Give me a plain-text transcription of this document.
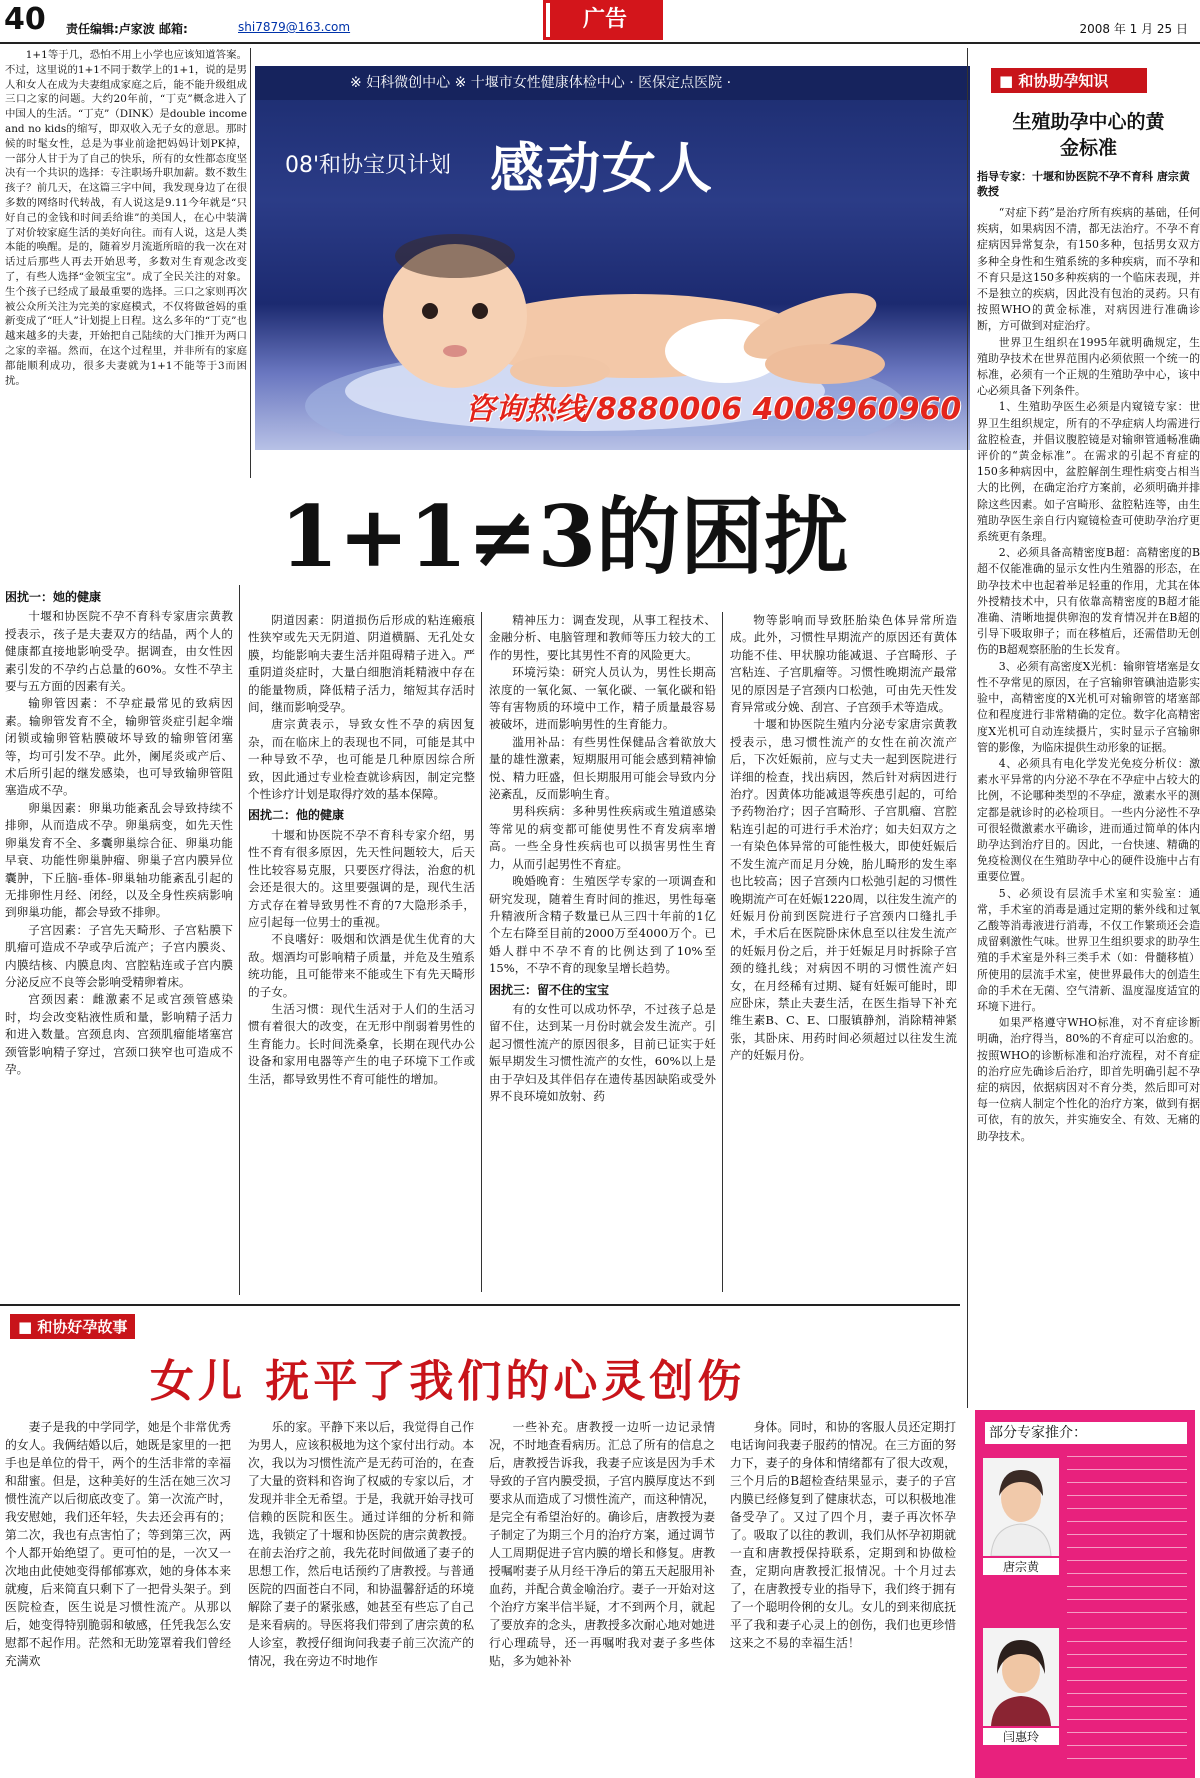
40 责任编辑:卢家波 邮箱:	shi7879@163.com	广告	2008 年 1 月 25 日

1+1等于几，恐怕不用上小学也应该知道答案。不过，这里说的1+1不同于数学上的1+1，说的是男人和女人在成为夫妻组成家庭之后，能不能升级组成三口之家的问题。大约20年前，“丁克”概念进入了中国人的生活。“丁克”（DINK）是double income and no kids的缩写，即双收入无子女的意思。那时候的时髦女性，总是为事业前途把妈妈计划PK掉，一部分人甘于为了自己的快乐，所有的女性都态度坚决有一个共识的选择：专注职场升职加薪。数不数生孩子？前几天，在这篇三字中间，我发现身边了在很多数的网络时代转战，有人说这是9.11今年就是“只好自己的金钱和时间丢给谁”的美国人，在心中装满了对价较家庭生活的美好向往。而有人说，这是人类本能的唤醒。是的，随着岁月流逝所暗的我一次在对话过后那些人再去开始思考，多数对生育观念改变了，有些人选择“金领宝宝”。成了全民关注的对象。生个孩子已经成了最最重要的选择。三口之家则再次被公众所关注为完美的家庭模式，不仅将做爸妈的重新变成了“旺人”计划提上日程。这么多年的“丁克”也越来越多的夫妻，开始把自己陆续的大门推开为两口之家的幸福。然而，在这个过程里，并非所有的家庭都能顺利成功，很多夫妻就为1+1不能等于3而困扰。

※ 妇科微创中心 ※ 十堰市女性健康体检中心 · 医保定点医院 ·
08'和协宝贝计划 感动女人
咨询热线/8880006 4008960960
1+1≠3的困扰
困扰一：她的健康

十堰和协医院不孕不育科专家唐宗黄教授表示，孩子是夫妻双方的结晶，两个人的健康都直接地影响受孕。据调查，由女性因素引发的不孕约占总量的60%。女性不孕主要与五方面的因素有关。

输卵管因素：不孕症最常见的致病因素。输卵管发育不全，输卵管炎症引起伞端闭锁或输卵管粘膜破坏导致的输卵管闭塞等，均可引发不孕。此外，阑尾炎或产后、术后所引起的继发感染，也可导致输卵管阻塞造成不孕。

卵巢因素：卵巢功能紊乱会导致持续不排卵，从而造成不孕。卵巢病变，如先天性卵巢发育不全、多囊卵巢综合征、卵巢功能早衰、功能性卵巢肿瘤、卵巢子宫内膜异位囊肿，下丘脑-垂体-卵巢轴功能紊乱引起的无排卵性月经、闭经，以及全身性疾病影响到卵巢功能，都会导致不排卵。

子宫因素：子宫先天畸形、子宫粘膜下肌瘤可造成不孕或孕后流产；子宫内膜炎、内膜结核、内膜息肉、宫腔粘连或子宫内膜分泌反应不良等会影响受精卵着床。

宫颈因素：雌激素不足或宫颈管感染时，均会改变粘液性质和量，影响精子活力和进入数量。宫颈息肉、宫颈肌瘤能堵塞宫颈管影响精子穿过，宫颈口狭窄也可造成不孕。

阴道因素：阴道损伤后形成的粘连瘢痕性狭窄或先天无阴道、阴道横膈、无孔处女膜，均能影响夫妻生活并阻碍精子进入。严重阴道炎症时，大量白细胞消耗精液中存在的能量物质，降低精子活力，缩短其存活时间，继而影响受孕。

唐宗黄表示，导致女性不孕的病因复杂，而在临床上的表现也不同，可能是其中一种导致不孕，也可能是几种原因综合所致，因此通过专业检查就诊病因，制定完整个性诊疗计划是取得疗效的基本保障。

困扰二：他的健康

十堰和协医院不孕不育科专家介绍，男性不育有很多原因，先天性问题较大，后天性比较容易克服，只要医疗得法，治愈的机会还是很大的。这里要强调的是，现代生活方式存在着导致男性不育的7大隐形杀手，应引起每一位男士的重视。

不良嗜好：吸烟和饮酒是优生优育的大敌。烟酒均可影响精子质量，并危及生殖系统功能，且可能带来不能或生下有先天畸形的子女。

生活习惯：现代生活对于人们的生活习惯有着很大的改变，在无形中削弱着男性的生育能力。长时间洗桑拿，长期在现代办公设备和家用电器等产生的电子环境下工作或生活，都导致男性不育可能性的增加。

精神压力：调查发现，从事工程技术、金融分析、电脑管理和教师等压力较大的工作的男性，要比其男性不育的风险更大。

环境污染：研究人员认为，男性长期高浓度的一氧化氮、一氧化碳、一氧化碳和铅等有害物质的环境中工作，精子质量最容易被破坏，进而影响男性的生育能力。

滥用补品：有些男性保健品含着欲放大量的雄性激素，短期服用可能会感到精神愉悦、精力旺盛，但长期服用可能会导致内分泌紊乱，反而影响生育。

男科疾病：多种男性疾病或生殖道感染等常见的病变都可能使男性不育发病率增高。一些全身性疾病也可以损害男性生育力，从而引起男性不育症。

晚婚晚育：生殖医学专家的一项调查和研究发现，随着生育时间的推迟，男性每毫升精液所含精子数量已从三四十年前的1亿个左右降至目前的2000万至4000万个。已婚人群中不孕不育的比例达到了10%至15%，不孕不育的现象呈增长趋势。

困扰三：留不住的宝宝

有的女性可以成功怀孕，不过孩子总是留不住，达到某一月份时就会发生流产。引起习惯性流产的原因很多，目前已证实于妊娠早期发生习惯性流产的女性，60%以上是由于孕妇及其伴侣存在遗传基因缺陷或受外界不良环境如放射、药

物等影响而导致胚胎染色体异常所造成。此外，习惯性早期流产的原因还有黄体功能不佳、甲状腺功能减退、子宫畸形、子宫粘连、子宫肌瘤等。习惯性晚期流产最常见的原因是子宫颈内口松弛，可由先天性发育异常或分娩、刮宫、子宫颈手术等造成。

十堰和协医院生殖内分泌专家唐宗黄教授表示，患习惯性流产的女性在前次流产后，下次妊娠前，应与丈夫一起到医院进行详细的检查，找出病因，然后针对病因进行治疗。因黄体功能减退等疾患引起的，可给予药物治疗；因子宫畸形、子宫肌瘤、宫腔粘连引起的可进行手术治疗；如夫妇双方之一有染色体异常的可能性极大，即使妊娠后不发生流产而足月分娩，胎儿畸形的发生率也比较高；因子宫颈内口松弛引起的习惯性晚期流产可在妊娠1220周，以往发生流产的妊娠月份前到医院进行子宫颈内口缝扎手术，手术后在医院卧床休息至以往发生流产的妊娠月份之后，并于妊娠足月时拆除子宫颈的缝扎线；对病因不明的习惯性流产妇女，在月经稀有过期、疑有妊娠可能时，即应卧床，禁止夫妻生活，在医生指导下补充维生素B、C、E、口服镇静剂，消除精神紧张，其卧床、用药时间必须超过以往发生流产的妊娠月份。

■ 和协助孕知识
生殖助孕中心的黄金标准
指导专家：十堰和协医院不孕不育科 唐宗黄教授

“对症下药”是治疗所有疾病的基础，任何疾病，如果病因不清，都无法治疗。不孕不育症病因异常复杂，有150多种，包括男女双方多种全身性和生殖系统的多种疾病，而不孕和不育只是这150多种疾病的一个临床表现，并不是独立的疾病，因此没有包治的灵药。只有按照WHO的黄金标准，对病因进行准确诊断，方可做到对症治疗。

世界卫生组织在1995年就明确规定，生殖助孕技术在世界范围内必须依照一个统一的标准，必须有一个正规的生殖助孕中心，该中心必须具备下列条件。

1、生殖助孕医生必须是内窥镜专家：世界卫生组织规定，所有的不孕症病人均需进行盆腔检查，并倡议腹腔镜是对输卵管通畅准确评价的“黄金标准”。在需求的引起不育症的150多种病因中，盆腔解剖生理性病变占相当大的比例，在确定治疗方案前，必须明确并排除这些因素。如子宫畸形、盆腔粘连等，由生殖助孕医生亲自行内窥镜检查可使助孕治疗更系统更有条理。

2、必须具备高精密度B超：高精密度的B超不仅能准确的显示女性内生殖器的形态，在助孕技术中也起着举足轻重的作用，尤其在体外授精技术中，只有依靠高精密度的B超才能准确、清晰地提供卵泡的发育情况并在B超的引导下吸取卵子；而在移植后，还需借助无创伤的B超观察胚胎的生长发育。

3、必须有高密度X光机：输卵管堵塞是女性不孕常见的原因，在子宫输卵管碘油造影实验中，高精密度的X光机可对输卵管的堵塞部位和程度进行非常精确的定位。数字化高精密度X光机可自动连续摄片，实时显示子宫输卵管的影像，为临床提供生动形象的证据。

4、必须具有电化学发光免疫分析仪：激素水平异常的内分泌不孕在不孕症中占较大的比例，不论哪种类型的不孕症，激素水平的测定都是就诊时的必检项目。一些内分泌性不孕可很轻微激素水平确诊，进而通过简单的体内助孕达到治疗目的。因此，一台快速、精确的免疫检测仪在生殖助孕中心的硬件设施中占有重要位置。

5、必须设有层流手术室和实验室：通常，手术室的消毒是通过定期的紫外线和过氧乙酸等消毒液进行消毒，不仅工作繁琐还会造成留剩激性气味。世界卫生组织要求的助孕生殖的手术室是外科三类手术（如：骨髓移植）所使用的层流手术室，使世界最伟大的创造生命的手术在无菌、空气清新、温度湿度适宜的环境下进行。

如果严格遵守WHO标准，对不育症诊断明确，治疗得当，80%的不育症可以治愈的。按照WHO的诊断标准和治疗流程，对不育症的治疗应先确诊后治疗，即首先明确引起不孕症的病因，依据病因对不育分类，然后即可对每一位病人制定个性化的治疗方案，做到有据可依，有的放矢，并实施安全、有效、无痛的助孕技术。

■ 和协好孕故事
女儿 抚平了我们的心灵创伤

妻子是我的中学同学，她是个非常优秀的女人。我俩结婚以后，她既是家里的一把手也是单位的骨干，两个的生活非常的幸福和甜蜜。但是，这种美好的生活在她三次习惯性流产以后彻底改变了。第一次流产时，我安慰她，我们还年轻，失去还会再有的；第二次，我也有点害怕了；等到第三次，两个人都开始绝望了。更可怕的是，一次又一次地由此使她变得郁郁寡欢，她的身体本来就瘦，后来简直只剩下了一把骨头架子。到医院检查，医生说是习惯性流产。从那以后，她变得特别脆弱和敏感，任凭我怎么安慰都不起作用。茫然和无助笼罩着我们曾经充满欢

乐的家。平静下来以后，我觉得自己作为男人，应该积极地为这个家付出行动。本次，我以为习惯性流产是无药可治的，在查了大量的资料和咨询了权威的专家以后，才发现并非全无希望。于是，我就开始寻找可信赖的医院和医生。通过详细的分析和筛选，我锁定了十堰和协医院的唐宗黄教授。在前去治疗之前，我先花时间做通了妻子的思想工作，然后电话预约了唐教授。与普通医院的四面苍白不同，和协温馨舒适的环境解除了妻子的紧张感，她甚至有些忘了自己是来看病的。导医将我们带到了唐宗黄的私人诊室，教授仔细询问我妻子前三次流产的情况，我在旁边不时地作

一些补充。唐教授一边听一边记录情况，不时地查看病历。汇总了所有的信息之后，唐教授告诉我，我妻子应该是因为手术导致的子宫内膜受损，子宫内膜厚度达不到要求从而造成了习惯性流产，而这种情况，是完全有希望治好的。确诊后，唐教授为妻子制定了为期三个月的治疗方案，通过调节人工周期促进子宫内膜的增长和修复。唐教授嘱咐妻子从月经干净后的第五天起服用补血药，并配合黄金喻治疗。妻子一开始对这个治疗方案半信半疑，才不到两个月，就起了要放弃的念头，唐教授多次耐心地对她进行心理疏导，还一再嘱咐我对妻子多些体贴，多为她补补

身体。同时，和协的客服人员还定期打电话询问我妻子服药的情况。在三方面的努力下，妻子的身体和情绪都有了很大改观，三个月后的B超检查结果显示，妻子的子宫内膜已经修复到了健康状态，可以积极地准备受孕了。又过了四个月，妻子再次怀孕了。吸取了以往的教训，我们从怀孕初期就一直和唐教授保持联系，定期到和协做检查，定期向唐教授汇报情况。十个月过去了，在唐教授专业的指导下，我们终于拥有了一个聪明伶俐的女儿。女儿的到来彻底抚平了我和妻子心灵上的创伤，我们也更珍惜这来之不易的幸福生活！

部分专家推介：
唐宗黄
闫惠玲
